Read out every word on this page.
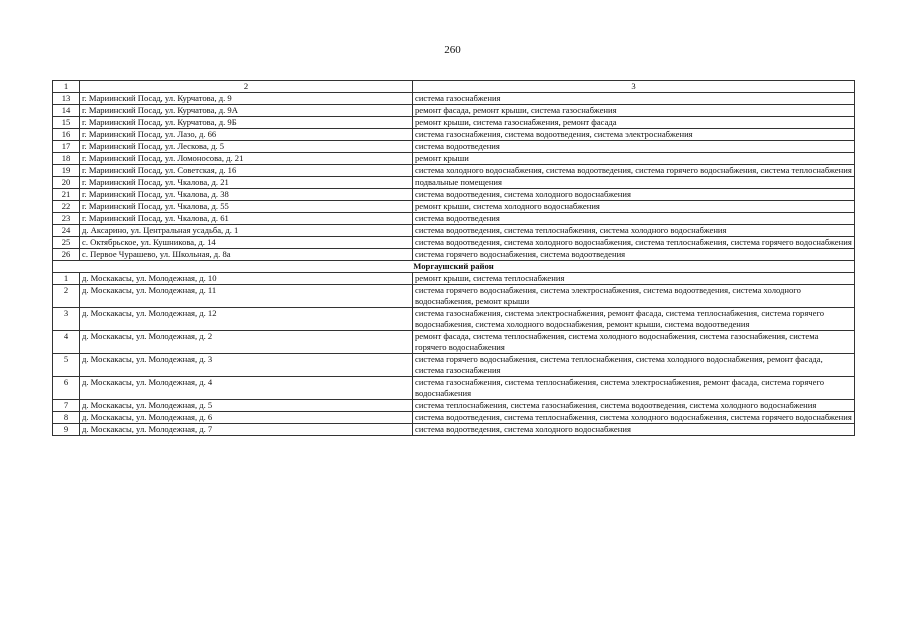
260
1	2	3
13	г. Мариинский Посад, ул. Курчатова, д. 9	система газоснабжения
14	г. Мариинский Посад, ул. Курчатова, д. 9А	ремонт фасада, ремонт крыши, система газоснабжения
15	г. Мариинский Посад, ул. Курчатова, д. 9Б	ремонт крыши, система газоснабжения, ремонт фасада
16	г. Мариинский Посад, ул. Лазо, д. 66	система газоснабжения, система водоотведения, система электроснабжения
17	г. Мариинский Посад, ул. Лескова, д. 5	система водоотведения
18	г. Мариинский Посад, ул. Ломоносова, д. 21	ремонт крыши
19	г. Мариинский Посад, ул. Советская, д. 16	система холодного водоснабжения, система водоотведения, система горячего водоснабжения, система теплоснабжения
20	г. Мариинский Посад, ул. Чкалова, д. 21	подвальные помещения
21	г. Мариинский Посад, ул. Чкалова, д. 38	система водоотведения, система холодного водоснабжения
22	г. Мариинский Посад, ул. Чкалова, д. 55	ремонт крыши, система холодного водоснабжения
23	г. Мариинский Посад, ул. Чкалова, д. 61	система водоотведения
24	д. Аксарино, ул. Центральная усадьба, д. 1	система водоотведения, система теплоснабжения, система холодного водоснабжения
25	с. Октябрьское, ул. Кушникова, д. 14	система водоотведения, система холодного водоснабжения, система теплоснабжения, система горячего водоснабжения
26	с. Первое Чурашево, ул. Школьная, д. 8а	система горячего водоснабжения, система водоотведения
Моргаушский район		
1	д. Москакасы, ул. Молодежная, д. 10	ремонт крыши, система теплоснабжения
2	д. Москакасы, ул. Молодежная, д. 11	система горячего водоснабжения, система электроснабжения, система водоотведения, система холодного водоснабжения, ремонт крыши
3	д. Москакасы, ул. Молодежная, д. 12	система газоснабжения, система электроснабжения, ремонт фасада, система теплоснабжения, система горячего водоснабжения, система холодного водоснабжения, ремонт крыши, система водоотведения
4	д. Москакасы, ул. Молодежная, д. 2	ремонт фасада, система теплоснабжения, система холодного водоснабжения, система газоснабжения, система горячего водоснабжения
5	д. Москакасы, ул. Молодежная, д. 3	система горячего водоснабжения, система теплоснабжения, система холодного водоснабжения, ремонт фасада, система газоснабжения
6	д. Москакасы, ул. Молодежная, д. 4	система газоснабжения, система теплоснабжения, система электроснабжения, ремонт фасада, система горячего водоснабжения
7	д. Москакасы, ул. Молодежная, д. 5	система теплоснабжения, система газоснабжения, система водоотведения, система холодного водоснабжения
8	д. Москакасы, ул. Молодежная, д. 6	система водоотведения, система теплоснабжения, система холодного водоснабжения, система горячего водоснабжения
9	д. Москакасы, ул. Молодежная, д. 7	система водоотведения, система холодного водоснабжения
